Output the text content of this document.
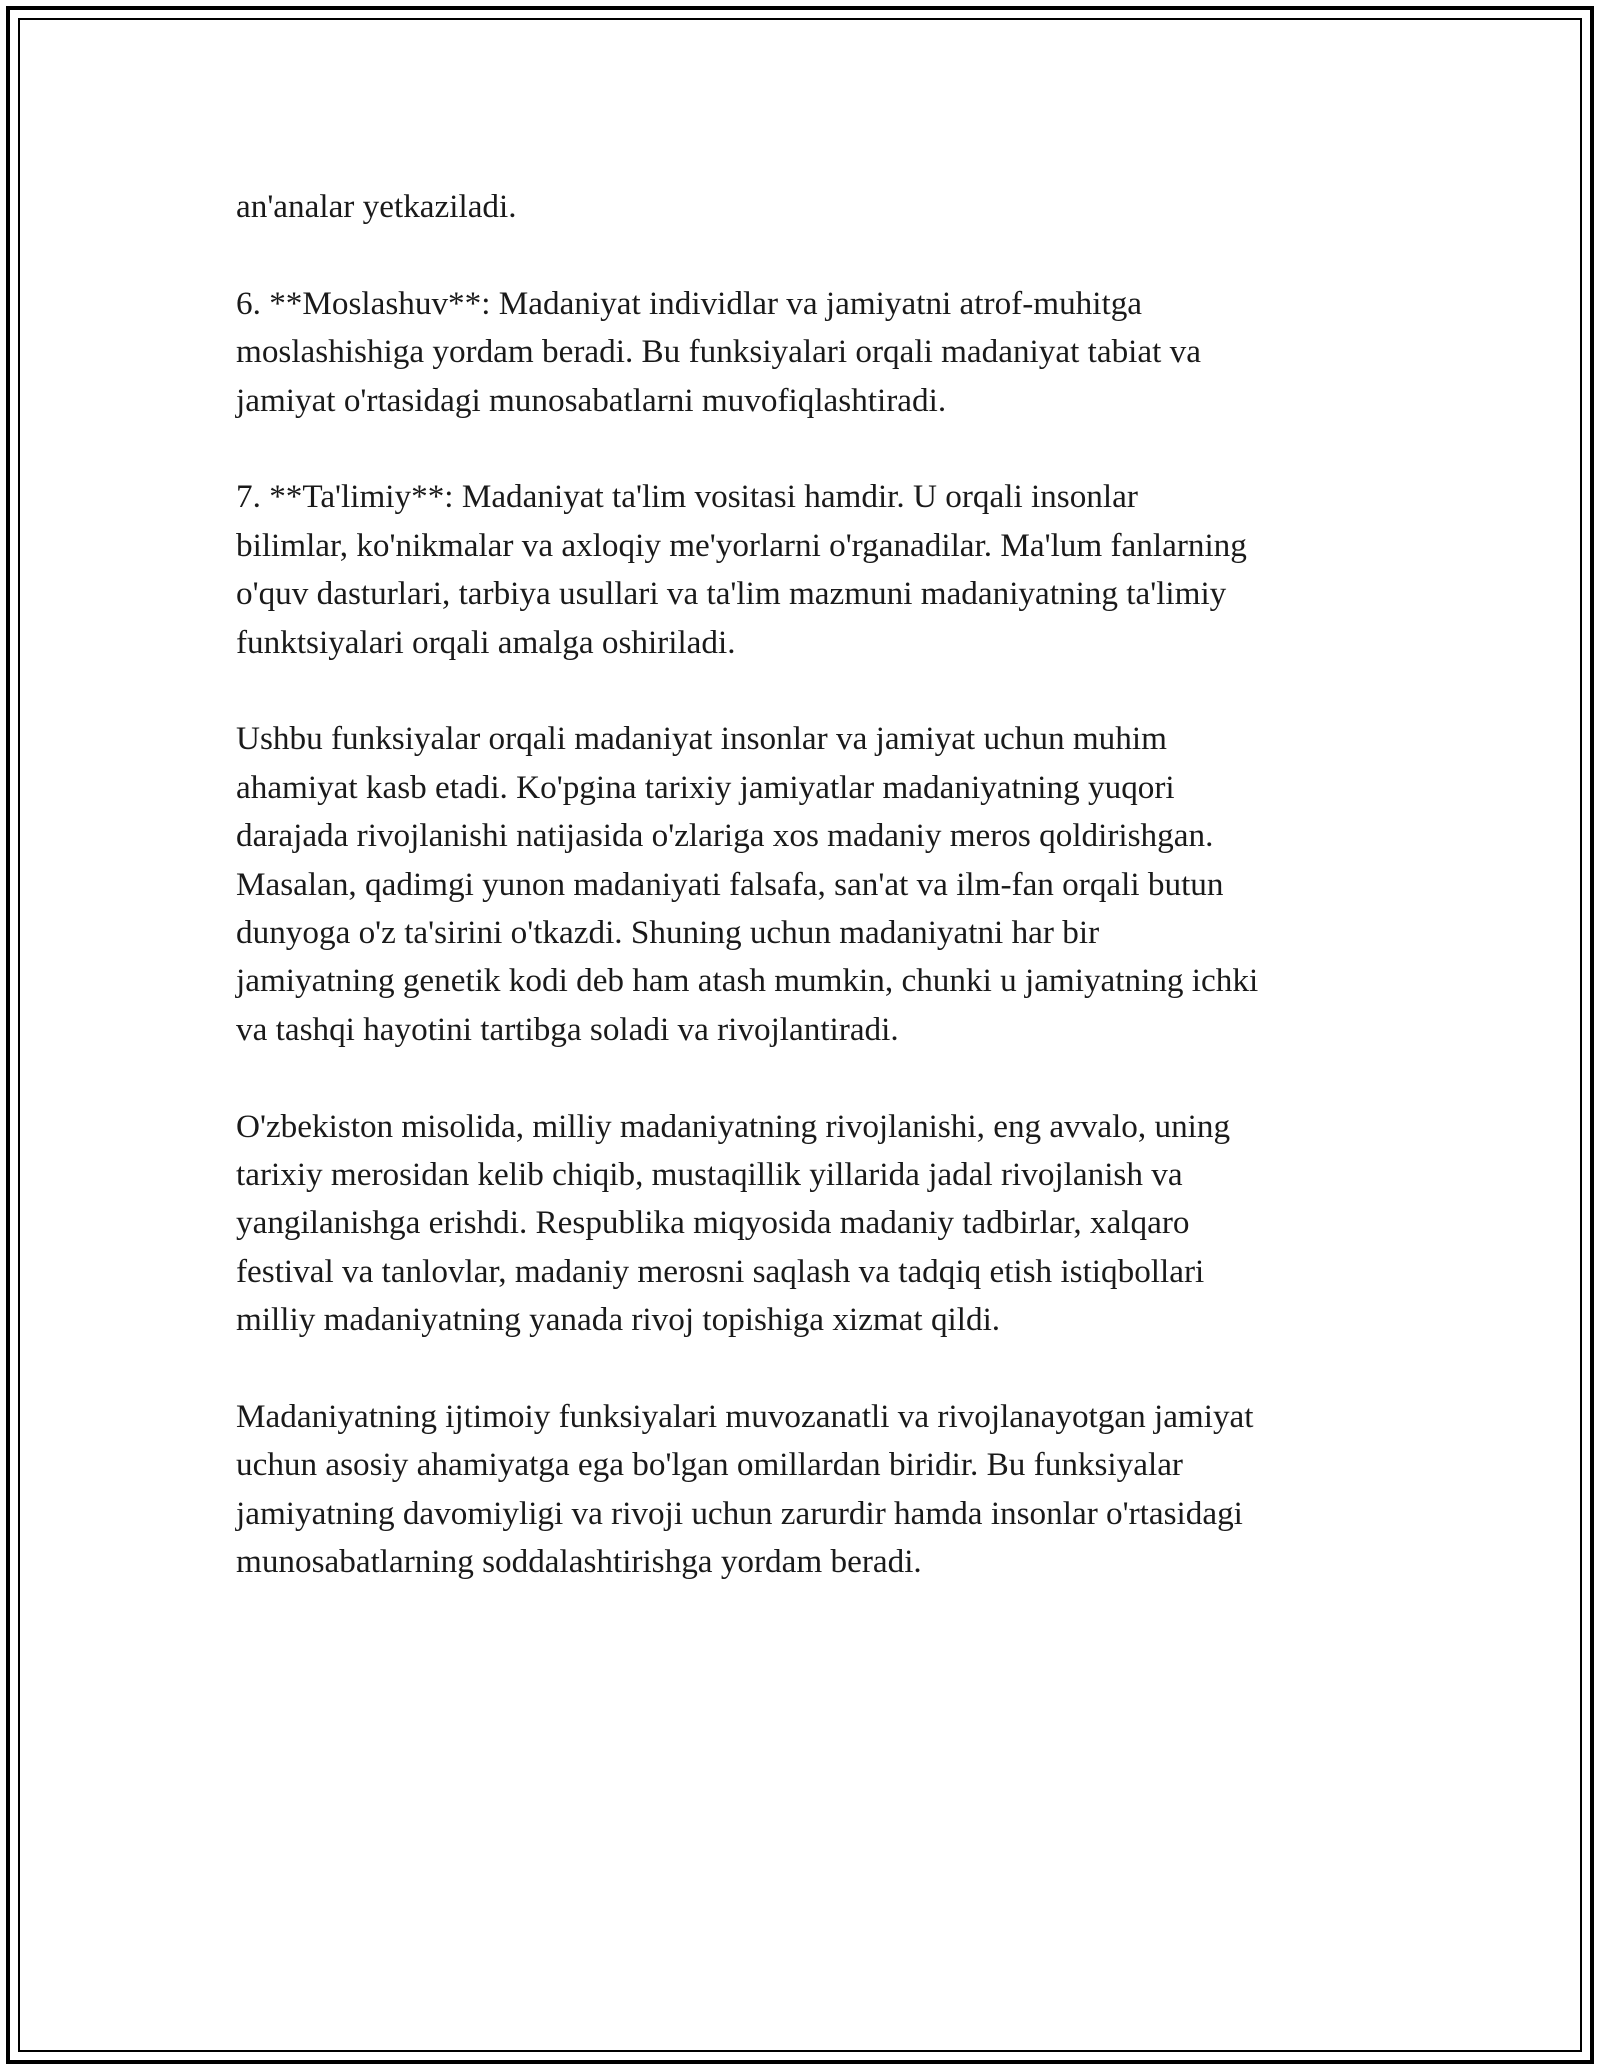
an'analar yetkaziladi.

6. **Moslashuv**: Madaniyat individlar va jamiyatni atrof-muhitga
moslashishiga yordam beradi. Bu funksiyalari orqali madaniyat tabiat va
jamiyat o'rtasidagi munosabatlarni muvofiqlashtiradi.

7. **Ta'limiy**: Madaniyat ta'lim vositasi hamdir. U orqali insonlar
bilimlar, ko'nikmalar va axloqiy me'yorlarni o'rganadilar. Ma'lum fanlarning
o'quv dasturlari, tarbiya usullari va ta'lim mazmuni madaniyatning ta'limiy
funktsiyalari orqali amalga oshiriladi.

Ushbu funksiyalar orqali madaniyat insonlar va jamiyat uchun muhim
ahamiyat kasb etadi. Ko'pgina tarixiy jamiyatlar madaniyatning yuqori
darajada rivojlanishi natijasida o'zlariga xos madaniy meros qoldirishgan.
Masalan, qadimgi yunon madaniyati falsafa, san'at va ilm-fan orqali butun
dunyoga o'z ta'sirini o'tkazdi. Shuning uchun madaniyatni har bir
jamiyatning genetik kodi deb ham atash mumkin, chunki u jamiyatning ichki
va tashqi hayotini tartibga soladi va rivojlantiradi.

O'zbekiston misolida, milliy madaniyatning rivojlanishi, eng avvalo, uning
tarixiy merosidan kelib chiqib, mustaqillik yillarida jadal rivojlanish va
yangilanishga erishdi. Respublika miqyosida madaniy tadbirlar, xalqaro
festival va tanlovlar, madaniy merosni saqlash va tadqiq etish istiqbollari
milliy madaniyatning yanada rivoj topishiga xizmat qildi.

Madaniyatning ijtimoiy funksiyalari muvozanatli va rivojlanayotgan jamiyat
uchun asosiy ahamiyatga ega bo'lgan omillardan biridir. Bu funksiyalar
jamiyatning davomiyligi va rivoji uchun zarurdir hamda insonlar o'rtasidagi
munosabatlarning soddalashtirishga yordam beradi.
